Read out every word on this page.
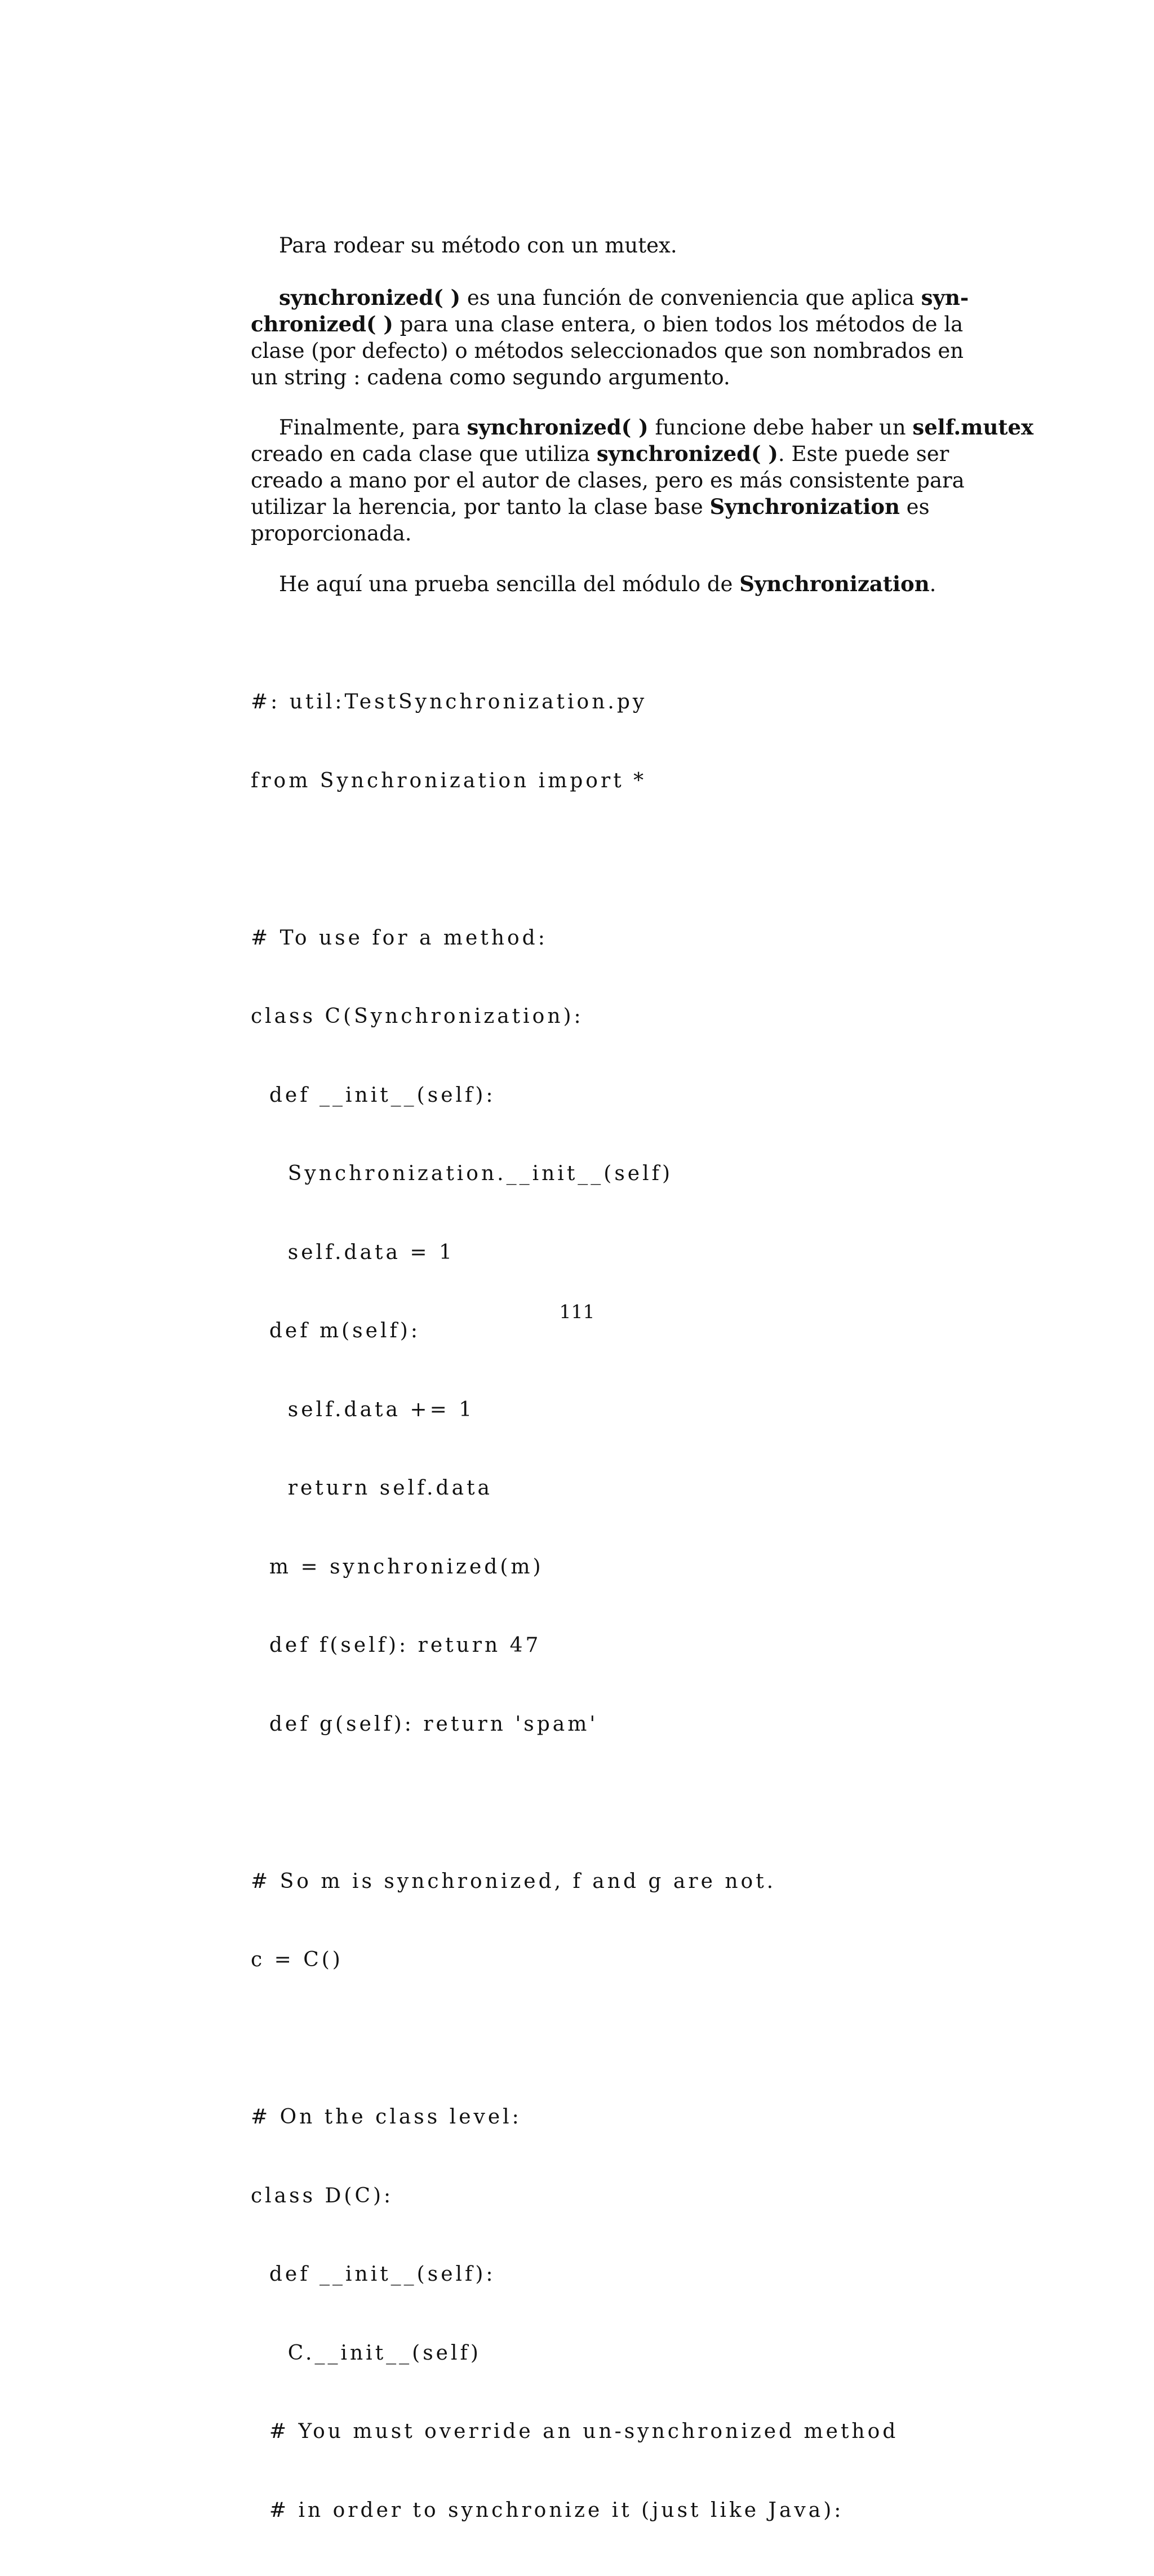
Para rodear su método con un mutex.

synchronized( ) es una función de conveniencia que aplica syn-
chronized( ) para una clase entera, o bien todos los métodos de la
clase (por defecto) o métodos seleccionados que son nombrados en
un string : cadena como segundo argumento.

Finalmente, para synchronized( ) funcione debe haber un self.mutex
creado en cada clase que utiliza synchronized( ). Este puede ser
creado a mano por el autor de clases, pero es más consistente para
utilizar la herencia, por tanto la clase base Synchronization es
proporcionada.

He aquí una prueba sencilla del módulo de Synchronization.

#: util:TestSynchronization.py

from Synchronization import *

# To use for a method:

class C(Synchronization):

def __init__(self):

Synchronization.__init__(self)

self.data = 1

def m(self):

self.data += 1

return self.data

m = synchronized(m)

def f(self): return 47

def g(self): return 'spam'

# So m is synchronized, f and g are not.

c = C()

# On the class level:

class D(C):

def __init__(self):

C.__init__(self)

# You must override an un-synchronized method

# in order to synchronize it (just like Java):

111
